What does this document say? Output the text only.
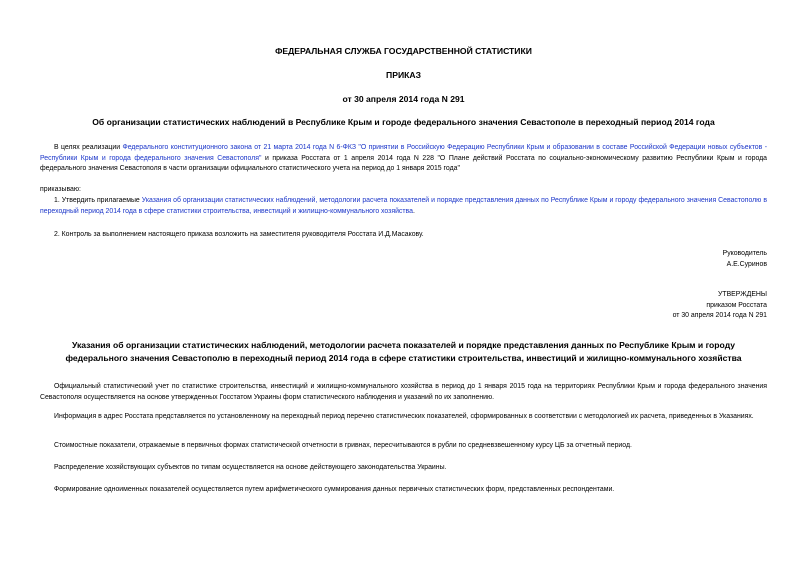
ФЕДЕРАЛЬНАЯ СЛУЖБА ГОСУДАРСТВЕННОЙ СТАТИСТИКИ
ПРИКАЗ
от 30 апреля 2014 года N 291
Об организации статистических наблюдений в Республике Крым и городе федерального значения Севастополе в переходный период 2014 года
В целях реализации Федерального конституционного закона от 21 марта 2014 года N 6-ФКЗ "О принятии в Российскую Федерацию Республики Крым и образовании в составе Российской Федерации новых субъектов - Республики Крым и города федерального значения Севастополя" и приказа Росстата от 1 апреля 2014 года N 228 "О Плане действий Росстата по социально-экономическому развитию Республики Крым и города федерального значения Севастополя в части организации официального статистического учета на период до 1 января 2015 года"
приказываю:
1. Утвердить прилагаемые Указания об организации статистических наблюдений, методологии расчета показателей и порядке представления данных по Республике Крым и городу федерального значения Севастополю в переходный период 2014 года в сфере статистики строительства, инвестиций и жилищно-коммунального хозяйства.
2. Контроль за выполнением настоящего приказа возложить на заместителя руководителя Росстата И.Д.Масакову.
Руководитель
А.Е.Суринов
УТВЕРЖДЕНЫ
приказом Росстата
от 30 апреля 2014 года N 291
Указания об организации статистических наблюдений, методологии расчета показателей и порядке представления данных по Республике Крым и городу федерального значения Севастополю в переходный период 2014 года в сфере статистики строительства, инвестиций и жилищно-коммунального хозяйства
Официальный статистический учет по статистике строительства, инвестиций и жилищно-коммунального хозяйства в период до 1 января 2015 года на территориях Республики Крым и города федерального значения Севастополя осуществляется на основе утвержденных Госстатом Украины форм статистического наблюдения и указаний по их заполнению.
Информация в адрес Росстата представляется по установленному на переходный период перечню статистических показателей, сформированных в соответствии с методологией их расчета, приведенных в Указаниях.
Стоимостные показатели, отражаемые в первичных формах статистической отчетности в гривнах, пересчитываются в рубли по средневзвешенному курсу ЦБ за отчетный период.
Распределение хозяйствующих субъектов по типам осуществляется на основе действующего законодательства Украины.
Формирование одноименных показателей осуществляется путем арифметического суммирования данных первичных статистических форм, представленных респондентами.
